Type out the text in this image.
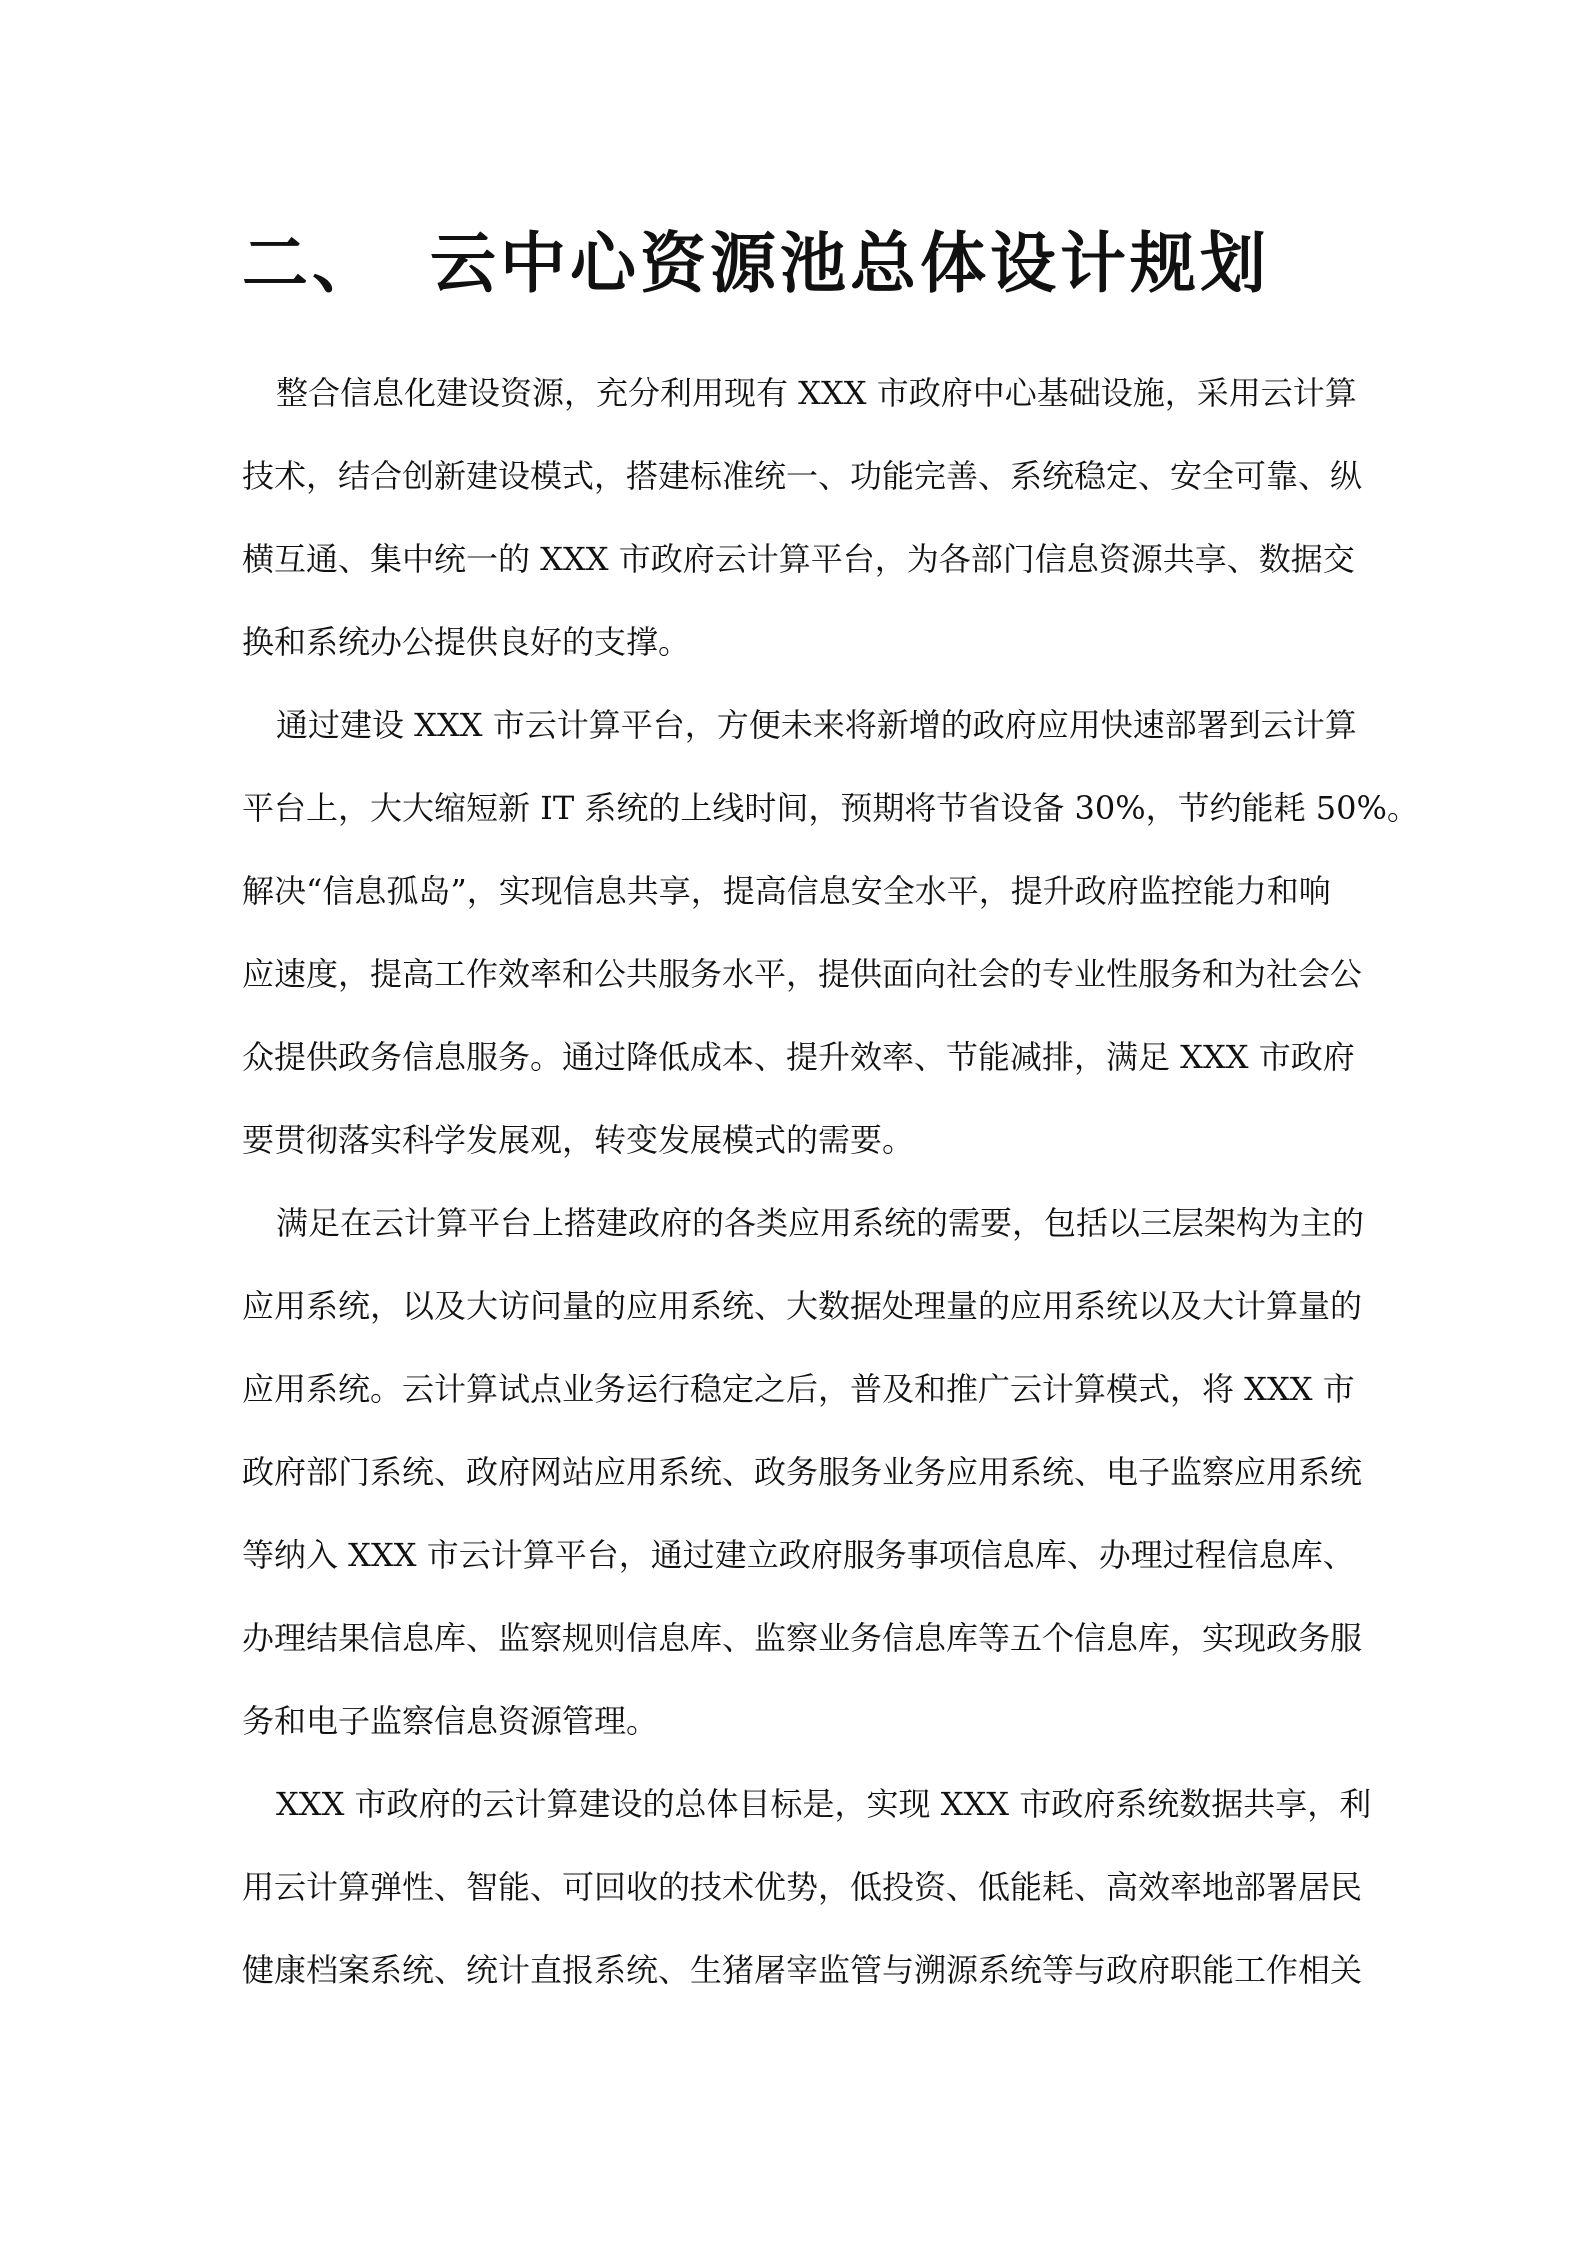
二、 云中心资源池总体设计规划
整合信息化建设资源，充分利用现有 XXX 市政府中心基础设施，采用云计算
技术，结合创新建设模式，搭建标准统一、功能完善、系统稳定、安全可靠、纵
横互通、集中统一的 XXX 市政府云计算平台，为各部门信息资源共享、数据交
换和系统办公提供良好的支撑。
通过建设 XXX 市云计算平台，方便未来将新增的政府应用快速部署到云计算
平台上，大大缩短新 IT 系统的上线时间，预期将节省设备 30%，节约能耗 50%。
解决“信息孤岛”，实现信息共享，提高信息安全水平，提升政府监控能力和响
应速度，提高工作效率和公共服务水平，提供面向社会的专业性服务和为社会公
众提供政务信息服务。通过降低成本、提升效率、节能减排，满足 XXX 市政府
要贯彻落实科学发展观，转变发展模式的需要。
满足在云计算平台上搭建政府的各类应用系统的需要，包括以三层架构为主的
应用系统，以及大访问量的应用系统、大数据处理量的应用系统以及大计算量的
应用系统。云计算试点业务运行稳定之后，普及和推广云计算模式，将 XXX 市
政府部门系统、政府网站应用系统、政务服务业务应用系统、电子监察应用系统
等纳入 XXX 市云计算平台，通过建立政府服务事项信息库、办理过程信息库、
办理结果信息库、监察规则信息库、监察业务信息库等五个信息库，实现政务服
务和电子监察信息资源管理。
XXX 市政府的云计算建设的总体目标是，实现 XXX 市政府系统数据共享，利
用云计算弹性、智能、可回收的技术优势，低投资、低能耗、高效率地部署居民
健康档案系统、统计直报系统、生猪屠宰监管与溯源系统等与政府职能工作相关
